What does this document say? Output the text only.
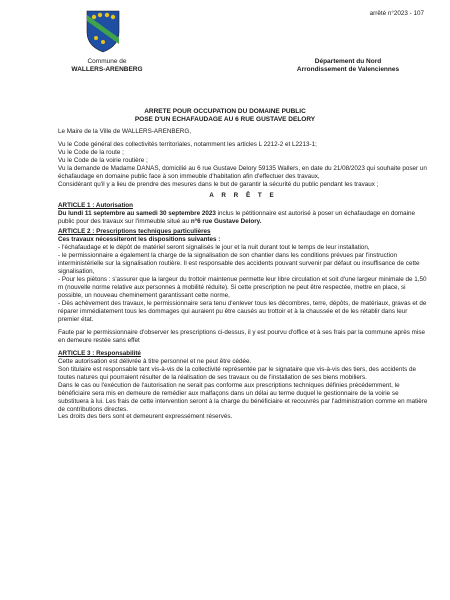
arrêté n°2023 - 107
Commune de
WALLERS-ARENBERG
Département du Nord
Arrondissement de Valenciennes
ARRETE POUR OCCUPATION DU DOMAINE PUBLIC
POSE D'UN ECHAFAUDAGE AU 6 RUE GUSTAVE DELORY

Le Maire de la Ville de WALLERS-ARENBERG,

Vu le Code général des collectivités territoriales, notamment les articles L 2212-2 et L2213-1;

Vu le Code de la route ;

Vu le Code de la voirie routière ;

Vu la demande de Madame DANAS, domicilié au 6 rue Gustave Delory 59135 Wallers, en date du 21/08/2023 qui souhaite poser un échafaudage en domaine public face à son immeuble d'habitation afin d'effectuer des travaux,

Considérant qu'il y a lieu de prendre des mesures dans le but de garantir la sécurité du public pendant les travaux ;

A R R Ê T E

ARTICLE 1 : Autorisation

Du lundi 11 septembre au samedi 30 septembre 2023 inclus le pétitionnaire est autorisé à poser un échafaudage en domaine public pour des travaux sur l'immeuble situé au n°6 rue Gustave Delory.

ARTICLE 2 : Prescriptions techniques particulières

Ces travaux nécessiteront les dispositions suivantes :

- l'échafaudage et le dépôt de matériel seront signalisés le jour et la nuit durant tout le temps de leur installation,

- le permissionnaire a également la charge de la signalisation de son chantier dans les conditions prévues par l'instruction interministérielle sur la signalisation routière. Il est responsable des accidents pouvant survenir par défaut ou insuffisance de cette signalisation,

- Pour les piétons : s'assurer que la largeur du trottoir maintenue permette leur libre circulation et soit d'une largeur minimale de 1,50 m (nouvelle norme relative aux personnes à mobilité réduite). Si cette prescription ne peut être respectée, mettre en place, si possible, un nouveau cheminement garantissant cette norme,

- Dès achèvement des travaux, le permissionnaire sera tenu d'enlever tous les décombres, terre, dépôts, de matériaux, gravas et de réparer immédiatement tous les dommages qui auraient pu être causés au trottoir et à la chaussée et de les rétablir dans leur premier état.

Faute par le permissionnaire d'observer les prescriptions ci-dessus, il y est pourvu d'office et à ses frais par la commune après mise en demeure restée sans effet

ARTICLE 3 : Responsabilité

Cette autorisation est délivrée à titre personnel et ne peut être cédée.

Son titulaire est responsable tant vis-à-vis de la collectivité représentée par le signataire que vis-à-vis des tiers, des accidents de toutes natures qui pourraient résulter de la réalisation de ses travaux ou de l'installation de ses biens mobiliers.

Dans le cas ou l'exécution de l'autorisation ne serait pas conforme aux prescriptions techniques définies précédemment, le bénéficiaire sera mis en demeure de remédier aux malfaçons dans un délai au terme duquel le gestionnaire de la voirie se substituera à lui. Les frais de cette intervention seront à la charge du bénéficiaire et recouvrés par l'administration comme en matière de contributions directes.

Les droits des tiers sont et demeurent expressément réservés.
